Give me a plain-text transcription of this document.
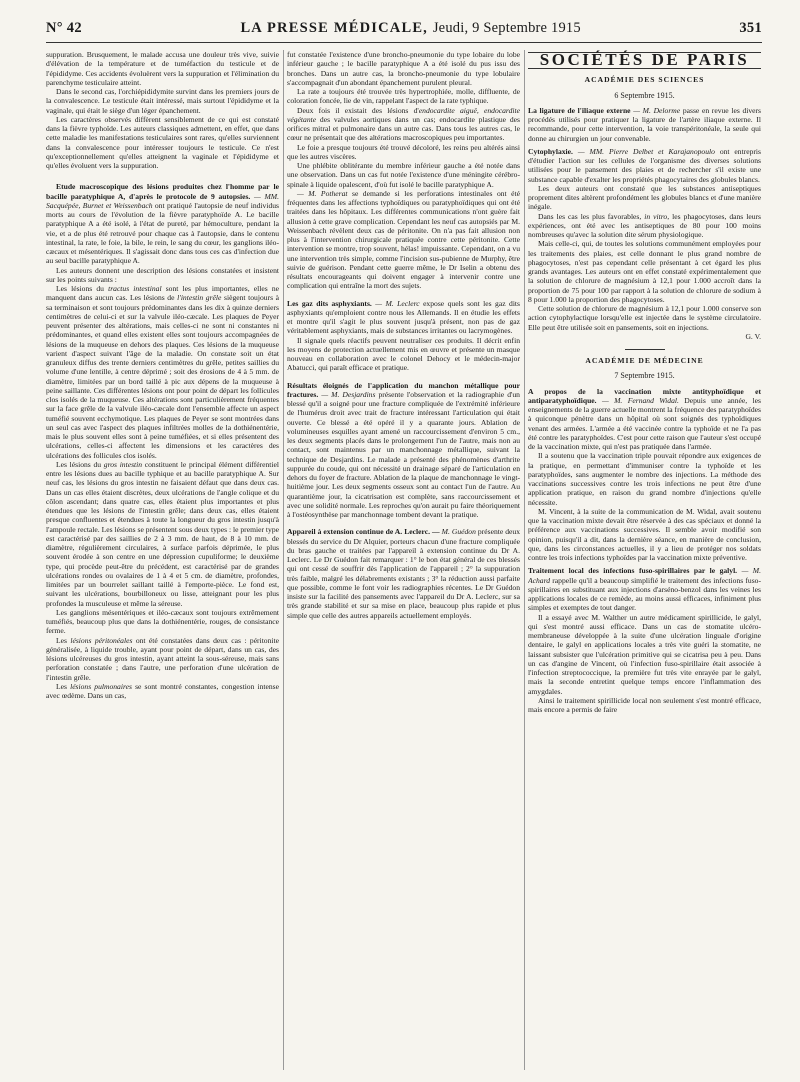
N° 42	LA PRESSE MÉDICALE, Jeudi, 9 Septembre 1915	351

suppuration. Brusquement, le malade accusa une douleur très vive, suivie d'élévation de la température et de tuméfaction du testicule et de l'épididyme. Ces accidents évoluèrent vers la suppuration et l'élimination du parenchyme testiculaire atteint.

Dans le second cas, l'orchiépididymite survint dans les premiers jours de la convalescence. Le testicule était intéressé, mais surtout l'épididyme et la vaginale, qui était le siège d'un léger épanchement.

Les caractères observés diffèrent sensiblement de ce qui est constaté dans la fièvre typhoïde. Les auteurs classiques admettent, en effet, que dans cette maladie les manifestations testiculaires sont rares, qu'elles surviennent dans la convalescence pour intéresser toujours le testicule. Ce n'est qu'exceptionnellement qu'elles atteignent la vaginale et l'épididyme et qu'elles évoluent vers la suppuration.

Etude macroscopique des lésions produites chez l'homme par le bacille paratyphique A, d'après le protocole de 9 autopsies. — MM. Sacquépée, Burnet et Weissenbach ont pratiqué l'autopsie de neuf individus morts au cours de l'évolution de la fièvre paratyphoïde A. Le bacille paratyphique A a été isolé, à l'état de pureté, par hémoculture, pendant la vie, et a de plus été retrouvé pour chaque cas à l'autopsie, dans le contenu intestinal, la rate, le foie, la bile, le rein, le sang du cœur, les ganglions iléo-cæcaux et mésentériques. Il s'agissait donc dans tous ces cas d'infection due au seul bacille paratyphique A.

Les auteurs donnent une description des lésions constatées et insistent sur les points suivants :

Les lésions du tractus intestinal sont les plus importantes, elles ne manquent dans aucun cas. Les lésions de l'intestin grêle siègent toujours à sa terminaison et sont toujours prédominantes dans les dix à quinze derniers centimètres de celui-ci et sur la valvule iléo-cæcale. Les plaques de Peyer peuvent présenter des altérations, mais celles-ci ne sont ni constantes ni prédominantes, et quand elles existent elles sont toujours accompagnées de lésions de la muqueuse en dehors des plaques. Ces lésions de la muqueuse varient d'aspect suivant l'âge de la maladie. On constate soit un état granuleux diffus des trente derniers centimètres du grêle, petites saillies du volume d'une lentille, à centre déprimé ; soit des érosions de 4 à 5 mm. de diamètre, limitées par un bord taillé à pic aux dépens de la muqueuse à peine saillante. Ces différentes lésions ont pour point de départ les follicules clos isolés de la muqueuse. Ces altérations sont particulièrement fréquentes sur la face grêle de la valvule iléo-cæcale dont l'ensemble affecte un aspect tuméfié souvent ecchymotique. Les plaques de Peyer se sont montrées dans un seul cas avec l'aspect des plaques infiltrées molles de la dothiénentérie, mais le plus souvent elles sont à peine tuméfiées, et si elles présentent des ulcérations, celles-ci affectent les dimensions et les caractères des ulcérations des follicules clos isolés.

Les lésions du gros intestin constituent le principal élément différentiel entre les lésions dues au bacille typhique et au bacille paratyphique A. Sur neuf cas, les lésions du gros intestin ne faisaient défaut que dans deux cas. Dans un cas elles étaient discrètes, deux ulcérations de l'angle colique et du côlon ascendant; dans quatre cas, elles étaient plus importantes et plus étendues que les lésions de l'intestin grêle; dans deux cas, elles étaient presque confluentes et étendues à toute la longueur du gros intestin jusqu'à l'ampoule rectale. Les lésions se présentent sous deux types : le premier type est caractérisé par des saillies de 2 à 3 mm. de haut, de 8 à 10 mm. de diamètre, régulièrement circulaires, à surface parfois déprimée, le plus souvent érodée à son centre en une dépression cupuliforme; le deuxième type, qui procède peut-être du précédent, est caractérisé par de grandes ulcérations rondes ou ovalaires de 1 à 4 et 5 cm. de diamètre, profondes, limitées par un bourrelet saillant taillé à l'emporte-pièce. Le fond est, suivant les ulcérations, bourbilloneux ou lisse, atteignant pour les plus profondes la musculeuse et même la séreuse.

Les ganglions mésentériques et iléo-cæcaux sont toujours extrêmement tuméfiés, beaucoup plus que dans la dothiénentérie, rouges, de consistance ferme.

Les lésions péritonéales ont été constatées dans deux cas : péritonite généralisée, à liquide trouble, ayant pour point de départ, dans un cas, des lésions ulcéreuses du gros intestin, ayant atteint la sous-séreuse, mais sans perforation constatée ; dans l'autre, une perforation d'une ulcération de l'intestin grêle.

Les lésions pulmonaires se sont montré constantes, congestion intense avec œdème. Dans un cas,

fut constatée l'existence d'une broncho-pneumonie du type lobaire du lobe inférieur gauche ; le bacille paratyphique A a été isolé du pus issu des bronches. Dans un autre cas, la broncho-pneumonie du type lobulaire s'accompagnait d'un abondant épanchement purulent pleural.

La rate a toujours été trouvée très hypertrophiée, molle, diffluente, de coloration foncée, lie de vin, rappelant l'aspect de la rate typhique.

Deux fois il existait des lésions d'endocardite aiguë, endocardite végétante des valvules aortiques dans un cas; endocardite plastique des orifices mitral et pulmonaire dans un autre cas. Dans tous les autres cas, le cœur ne présentait que des altérations macroscopiques peu importantes.

Le foie a presque toujours été trouvé décoloré, les reins peu altérés ainsi que les autres viscères.

Une phlébite oblitérante du membre inférieur gauche a été notée dans une observation. Dans un cas fut notée l'existence d'une méningite cérébro-spinale à liquide opalescent, d'où fut isolé le bacille paratyphique A.

— M. Potherat se demande si les perforations intestinales ont été fréquentes dans les affections typhoïdiques ou paratyphoïdiques qui ont été traitées dans les hôpitaux. Les différentes communications n'ont guère fait allusion à cette grave complication. Cependant les neuf cas autopsiés par M. Weissenbach révèlent deux cas de péritonite. On n'a pas fait allusion non plus à l'intervention chirurgicale pratiquée contre cette péritonite. Cette intervention se montre, trop souvent, hélas! impuissante. Cependant, on a vu une intervention très simple, comme l'incision sus-pubienne de Murphy, être suivie de guérison. Pendant cette guerre même, le Dr Iselin a obtenu des résultats encourageants qui doivent engager à intervenir contre une complication qui entraîne la mort des sujets.

Les gaz dits asphyxiants. — M. Leclerc expose quels sont les gaz dits asphyxiants qu'emploient contre nous les Allemands. Il en étudie les effets et montre qu'il s'agit le plus souvent jusqu'à présent, non pas de gaz véritablement asphyxiants, mais de substances irritantes ou lacrymogènes.

Il signale quels réactifs peuvent neutraliser ces produits. Il décrit enfin les moyens de protection actuellement mis en œuvre et présente un masque nouveau en collaboration avec le colonel Dehocy et le médecin-major Abatucci, qui paraît efficace et pratique.

Résultats éloignés de l'application du manchon métallique pour fractures. — M. Desjardins présente l'observation et la radiographie d'un blessé qu'il a soigné pour une fracture compliquée de l'extrémité inférieure de l'humérus droit avec trait de fracture intéressant l'articulation qui était ouverte. Ce blessé a été opéré il y a quarante jours. Ablation de volumineuses esquilles ayant amené un raccourcissement d'environ 5 cm., les deux segments placés dans le prolongement l'un de l'autre, mais non au contact, sont maintenus par un manchonnage métallique, suivant la technique de Desjardins. Le malade a présenté des phénomènes d'arthrite suppurée du coude, qui ont nécessité un drainage séparé de l'articulation en dehors du foyer de fracture. Ablation de la plaque de manchonnage le vingt-huitième jour. Les deux segments osseux sont au contact l'un de l'autre. Au quarantième jour, la cicatrisation est complète, sans raccourcissement et avec une solidité normale. Les reproches qu'on aurait pu faire théoriquement à l'ostéosynthèse par manchonnage tombent devant la pratique.

Appareil à extension continue de A. Leclerc. — M. Guédon présente deux blessés du service du Dr Alquier, porteurs chacun d'une fracture compliquée du bras gauche et traitées par l'appareil à extension continue du Dr A. Leclerc. Le Dr Guédon fait remarquer : 1° le bon état général de ces blessés qui ont cessé de souffrir dès l'application de l'appareil ; 2° la suppuration très faible, malgré les délabrements existants ; 3° la réduction aussi parfaite que possible, comme le font voir les radiographies récentes. Le Dr Guédon insiste sur la facilité des pansements avec l'appareil du Dr A. Leclerc, sur sa très grande stabilité et sur sa mise en place, beaucoup plus rapide et plus simple que celle des autres appareils actuellement employés.

SOCIÉTÉS DE PARIS
ACADÉMIE DES SCIENCES
6 Septembre 1915.

La ligature de l'iliaque externe — M. Delorme passe en revue les divers procédés utilisés pour pratiquer la ligature de l'artère iliaque externe. Il recommande, pour cette intervention, la voie transpéritonéale, la seule qui donne au chirurgien un jour convenable.

Cytophylaxie. — MM. Pierre Delbet et Karajanopoulo ont entrepris d'étudier l'action sur les cellules de l'organisme des diverses solutions utilisées pour le pansement des plaies et de rechercher s'il existe une substance capable d'exalter les propriétés phagocytaires des globules blancs.

Les deux auteurs ont constaté que les substances antiseptiques proprement dites altèrent profondément les globules blancs et d'une manière inégale.

Dans les cas les plus favorables, in vitro, les phagocytoses, dans leurs expériences, ont été avec les antiseptiques de 80 pour 100 moins nombreuses qu'avec la solution dite sérum physiologique.

Mais celle-ci, qui, de toutes les solutions communément employées pour les traitements des plaies, est celle donnant le plus grand nombre de phagocytoses, n'est pas cependant celle présentant à cet égard les plus grands avantages. Les auteurs ont en effet constaté expérimentalement que la solution de chlorure de magnésium à 12,1 pour 1.000 accroît dans la proportion de 75 pour 100 par rapport à la solution de chlorure de sodium à 8 pour 1.000 la proportion des phagocytoses.

Cette solution de chlorure de magnésium à 12,1 pour 1.000 conserve son action cytophylactique lorsqu'elle est injectée dans le système circulatoire. Elle peut être utilisée soit en pansements, soit en injections.

G. V.
ACADÉMIE DE MÉDECINE
7 Septembre 1915.

A propos de la vaccination mixte antityphoïdique et antiparatyphoïdique. — M. Fernand Widal. Depuis une année, les enseignements de la guerre actuelle montrent la fréquence des paratyphoïdes à quiconque pénètre dans un hôpital où sont soignés des typhoïdiques venant des armées. L'armée a été vaccinée contre la typhoïde et ne l'a pas été contre les paratyphoïdes. C'est pour cette raison que l'auteur s'est occupé de la vaccination mixte, qui n'est pas pratiquée dans l'armée.

Il a soutenu que la vaccination triple pouvait répondre aux exigences de la pratique, en permettant d'immuniser contre la typhoïde et les paratyphoïdes, sans augmenter le nombre des injections. La méthode des vaccinations successives contre les trois infections ne peut être d'une application pratique, en raison du grand nombre d'injections qu'elle nécessite.

M. Vincent, à la suite de la communication de M. Widal, avait soutenu que la vaccination mixte devait être réservée à des cas spéciaux et donné la préférence aux vaccinations successives. Il semble avoir modifié son opinion, puisqu'il a dit, dans la dernière séance, en manière de conclusion, que, dans les circonstances actuelles, il y a lieu de protéger nos soldats contre les trois infections typhoïdes par la vaccination mixte préventive.

Traitement local des infections fuso-spirillaires par le galyl. — M. Achard rappelle qu'il a beaucoup simplifié le traitement des infections fuso-spirillaires en substituant aux injections d'arséno-benzol dans les veines les applications locales de ce remède, au moins aussi efficaces, infiniment plus simples et exemptes de tout danger.

Il a essayé avec M. Walther un autre médicament spirillicide, le galyl, qui s'est montré aussi efficace. Dans un cas de stomatite ulcéro-membraneuse développée à la suite d'une ulcération linguale d'origine dentaire, le galyl en applications locales a très vite guéri la stomatite, ne laissant subsister que l'ulcération primitive qui se cicatrisa peu à peu. Dans un cas d'angine de Vincent, où l'infection fuso-spirillaire était associée à l'infection streptococcique, la première fut très vite enrayée par le galyl, mais la seconde entretint quelque temps encore l'inflammation des amygdales.

Ainsi le traitement spirillicide local non seulement s'est montré efficace, mais encore a permis de faire
